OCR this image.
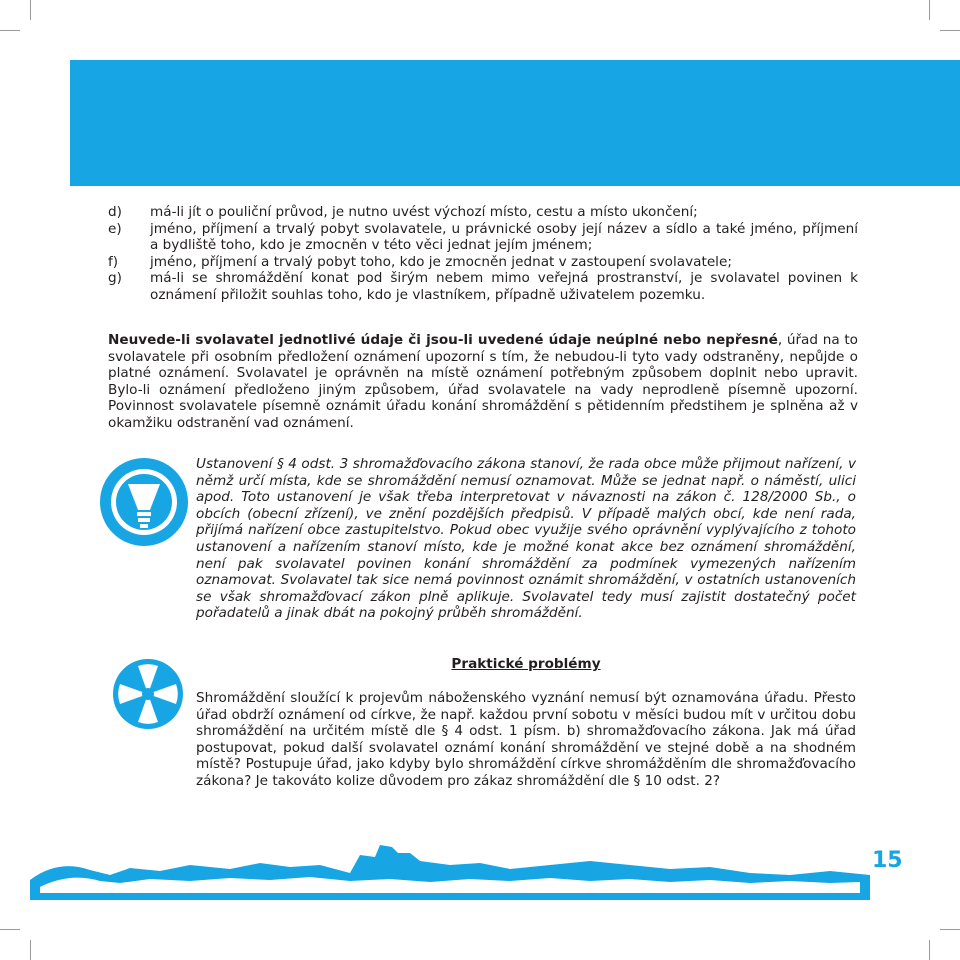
d)	má-li jít o pouliční průvod, je nutno uvést výchozí místo, cestu a místo ukončení;
e)	jméno, příjmení a trvalý pobyt svolavatele, u právnické osoby její název a sídlo a také jméno, příjmení a bydliště toho, kdo je zmocněn v této věci jednat jejím jménem;
f)	jméno, příjmení a trvalý pobyt toho, kdo je zmocněn jednat v zastoupení svolavatele;
g)	má-li se shromáždění konat pod širým nebem mimo veřejná prostranství, je svolavatel povinen k oznámení přiložit souhlas toho, kdo je vlastníkem, případně uživatelem pozemku.
Neuvede-li svolavatel jednotlivé údaje či jsou-li uvedené údaje neúplné nebo nepřesné, úřad na to svolavatele při osobním předložení oznámení upozorní s tím, že nebudou-li tyto vady odstraněny, nepůjde o platné oznámení. Svolavatel je oprávněn na místě oznámení potřebným způsobem doplnit nebo upravit. Bylo-li oznámení předloženo jiným způsobem, úřad svolavatele na vady neprodleně písemně upozorní. Povinnost svolavatele písemně oznámit úřadu konání shromáždění s pětidenním předstihem je splněna až v okamžiku odstranění vad oznámení.
Ustanovení § 4 odst. 3 shromažďovacího zákona stanoví, že rada obce může přijmout nařízení, v němž určí místa, kde se shromáždění nemusí oznamovat. Může se jednat např. o náměstí, ulici apod. Toto ustanovení je však třeba interpretovat v návaznosti na zákon č. 128/2000 Sb., o obcích (obecní zřízení), ve znění pozdějších předpisů. V případě malých obcí, kde není rada, přijímá nařízení obce zastupitelstvo. Pokud obec využije svého oprávnění vyplývajícího z tohoto ustanovení a nařízením stanoví místo, kde je možné konat akce bez oznámení shromáždění, není pak svolavatel povinen konání shromáždění za podmínek vymezených nařízením oznamovat. Svolavatel tak sice nemá povinnost oznámit shromáždění, v ostatních ustanoveních se však shromažďovací zákon plně aplikuje. Svolavatel tedy musí zajistit dostatečný počet pořadatelů a jinak dbát na pokojný průběh shromáždění.
Praktické problémy
Shromáždění sloužící k projevům náboženského vyznání nemusí být oznamována úřadu. Přesto úřad obdrží oznámení od církve, že např. každou první sobotu v měsíci budou mít v určitou dobu shromáždění na určitém místě dle § 4 odst. 1 písm. b) shromažďovacího zákona. Jak má úřad postupovat, pokud další svolavatel oznámí konání shromáždění ve stejné době a na shodném místě? Postupuje úřad, jako kdyby bylo shromáždění církve shromážděním dle shromažďovacího zákona? Je takováto kolize důvodem pro zákaz shromáždění dle § 10 odst. 2?
15
